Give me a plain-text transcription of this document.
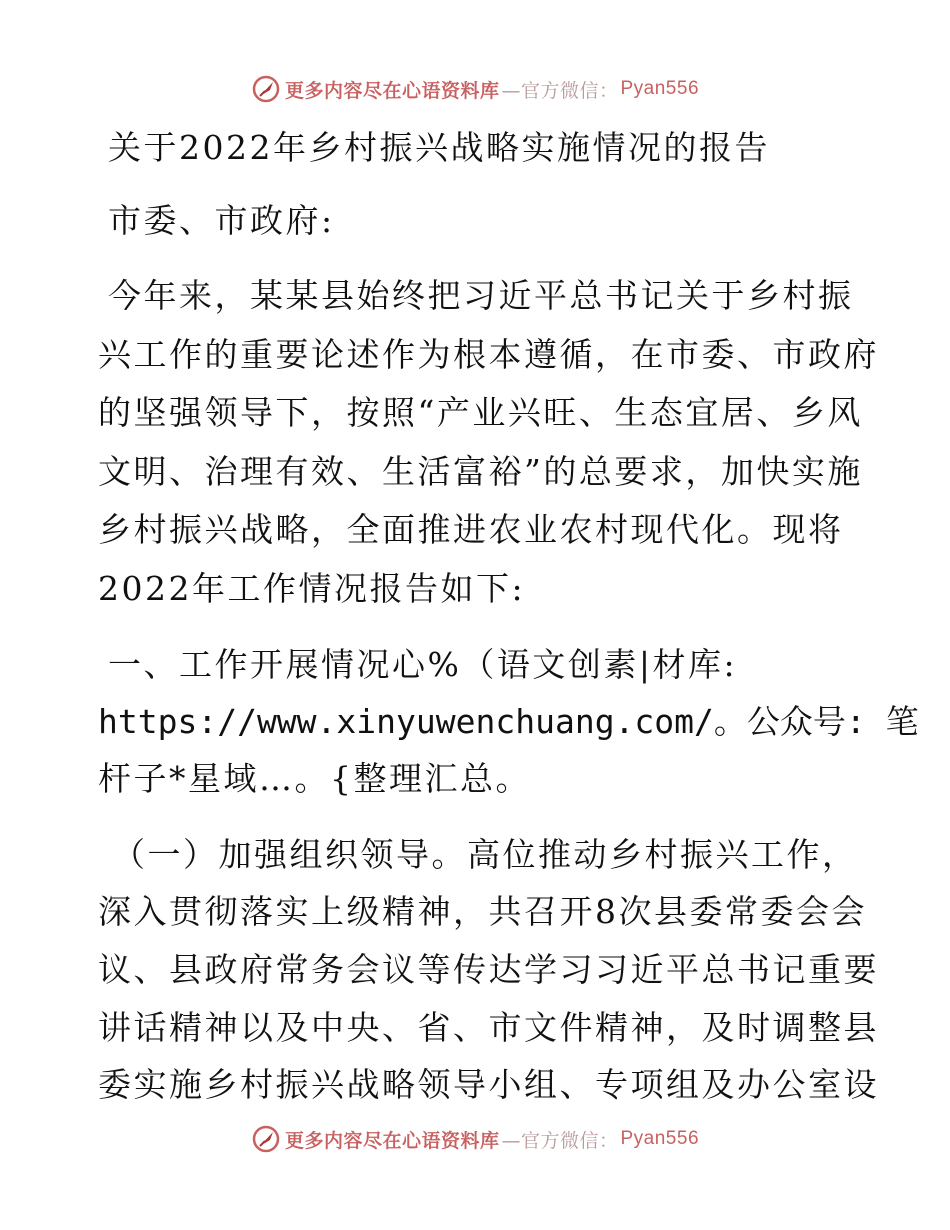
更多内容尽在心语资料库 —官方微信： Pyan556
关于2022年乡村振兴战略实施情况的报告
市委、市政府:
今年来，某某县始终把习近平总书记关于乡村振
兴工作的重要论述作为根本遵循，在市委、市政府
的坚强领导下，按照“产业兴旺、生态宜居、乡风
文明、治理有效、生活富裕”的总要求，加快实施
乡村振兴战略，全面推进农业农村现代化。现将
2022年工作情况报告如下:
一、工作开展情况心%（语文创素|材库:
https://www.xinyuwenchuang.com/。公众号: 笔
杆子*星域…。{整理汇总。
（一）加强组织领导。高位推动乡村振兴工作，
深入贯彻落实上级精神，共召开8次县委常委会会
议、县政府常务会议等传达学习习近平总书记重要
讲话精神以及中央、省、市文件精神，及时调整县
委实施乡村振兴战略领导小组、专项组及办公室设
更多内容尽在心语资料库 —官方微信： Pyan556
